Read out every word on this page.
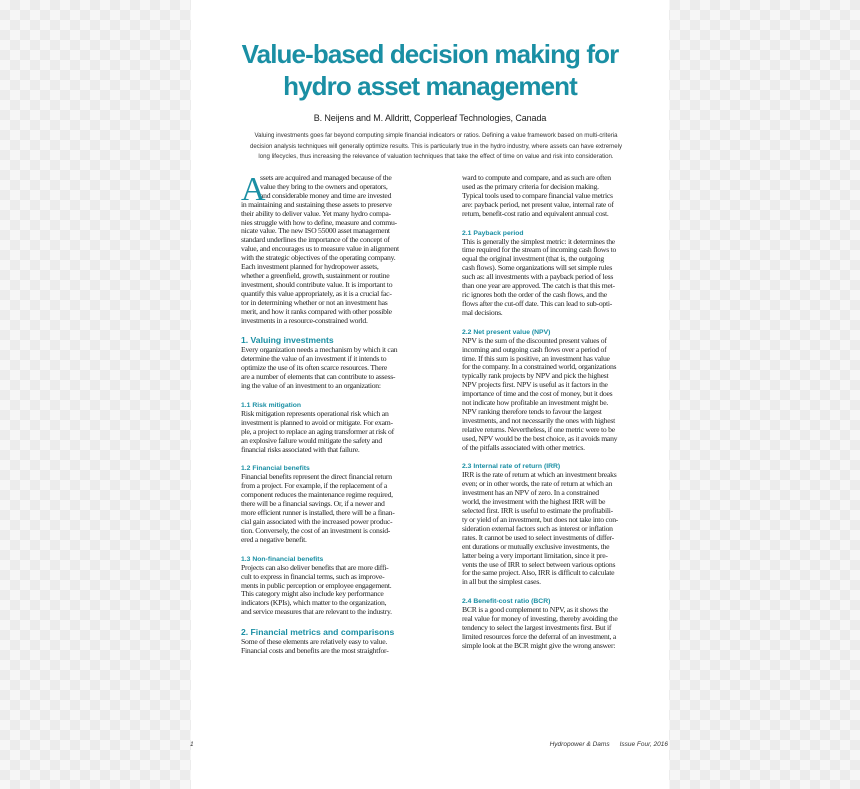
Value-based decision making for
hydro asset management
B. Neijens and M. Alldritt, Copperleaf Technologies, Canada

Valuing investments goes far beyond computing simple financial indicators or ratios. Defining a value framework based on multi-criteria

decision analysis techniques will generally optimize results. This is particularly true in the hydro industry, where assets can have extremely

long lifecycles, thus increasing the relevance of valuation techniques that take the effect of time on value and risk into consideration.

A
ssets are acquired and managed because of the
value they bring to the owners and operators,
and considerable money and time are invested
in maintaining and sustaining these assets to preserve
their ability to deliver value. Yet many hydro compa-
nies struggle with how to define, measure and commu-
nicate value. The new ISO 55000 asset management
standard underlines the importance of the concept of
value, and encourages us to measure value in alignment
with the strategic objectives of the operating company.
Each investment planned for hydropower assets,
whether a greenfield, growth, sustainment or routine
investment, should contribute value. It is important to
quantify this value appropriately, as it is a crucial fac-
tor in determining whether or not an investment has
merit, and how it ranks compared with other possible
investments in a resource-constrained world.
1. Valuing investments
Every organization needs a mechanism by which it can
determine the value of an investment if it intends to
optimize the use of its often scarce resources. There
are a number of elements that can contribute to assess-
ing the value of an investment to an organization:
1.1 Risk mitigation
Risk mitigation represents operational risk which an
investment is planned to avoid or mitigate. For exam-
ple, a project to replace an aging transformer at risk of
an explosive failure would mitigate the safety and
financial risks associated with that failure.
1.2 Financial benefits
Financial benefits represent the direct financial return
from a project. For example, if the replacement of a
component reduces the maintenance regime required,
there will be a financial savings. Or, if a newer and
more efficient runner is installed, there will be a finan-
cial gain associated with the increased power produc-
tion. Conversely, the cost of an investment is consid-
ered a negative benefit.
1.3 Non-financial benefits
Projects can also deliver benefits that are more diffi-
cult to express in financial terms, such as improve-
ments in public perception or employee engagement.
This category might also include key performance
indicators (KPIs), which matter to the organization,
and service measures that are relevant to the industry.
2. Financial metrics and comparisons
Some of these elements are relatively easy to value.
Financial costs and benefits are the most straightfor-
ward to compute and compare, and as such are often
used as the primary criteria for decision making.
Typical tools used to compare financial value metrics
are: payback period, net present value, internal rate of
return, benefit-cost ratio and equivalent annual cost.
2.1 Payback period
This is generally the simplest metric: it determines the
time required for the stream of incoming cash flows to
equal the original investment (that is, the outgoing
cash flows). Some organizations will set simple rules
such as: all investments with a payback period of less
than one year are approved. The catch is that this met-
ric ignores both the order of the cash flows, and the
flows after the cut-off date. This can lead to sub-opti-
mal decisions.
2.2 Net present value (NPV)
NPV is the sum of the discounted present values of
incoming and outgoing cash flows over a period of
time. If this sum is positive, an investment has value
for the company. In a constrained world, organizations
typically rank projects by NPV and pick the highest
NPV projects first. NPV is useful as it factors in the
importance of time and the cost of money, but it does
not indicate how profitable an investment might be.
NPV ranking therefore tends to favour the largest
investments, and not necessarily the ones with highest
relative returns. Nevertheless, if one metric were to be
used, NPV would be the best choice, as it avoids many
of the pitfalls associated with other metrics.
2.3 Internal rate of return (IRR)
IRR is the rate of return at which an investment breaks
even; or in other words, the rate of return at which an
investment has an NPV of zero. In a constrained
world, the investment with the highest IRR will be
selected first. IRR is useful to estimate the profitabili-
ty or yield of an investment, but does not take into con-
sideration external factors such as interest or inflation
rates. It cannot be used to select investments of differ-
ent durations or mutually exclusive investments, the
latter being a very important limitation, since it pre-
vents the use of IRR to select between various options
for the same project. Also, IRR is difficult to calculate
in all but the simplest cases.
2.4 Benefit-cost ratio (BCR)
BCR is a good complement to NPV, as it shows the
real value for money of investing, thereby avoiding the
tendency to select the largest investments first. But if
limited resources force the deferral of an investment, a
simple look at the BCR might give the wrong answer:
1	Hydropower & Dams Issue Four, 2016
